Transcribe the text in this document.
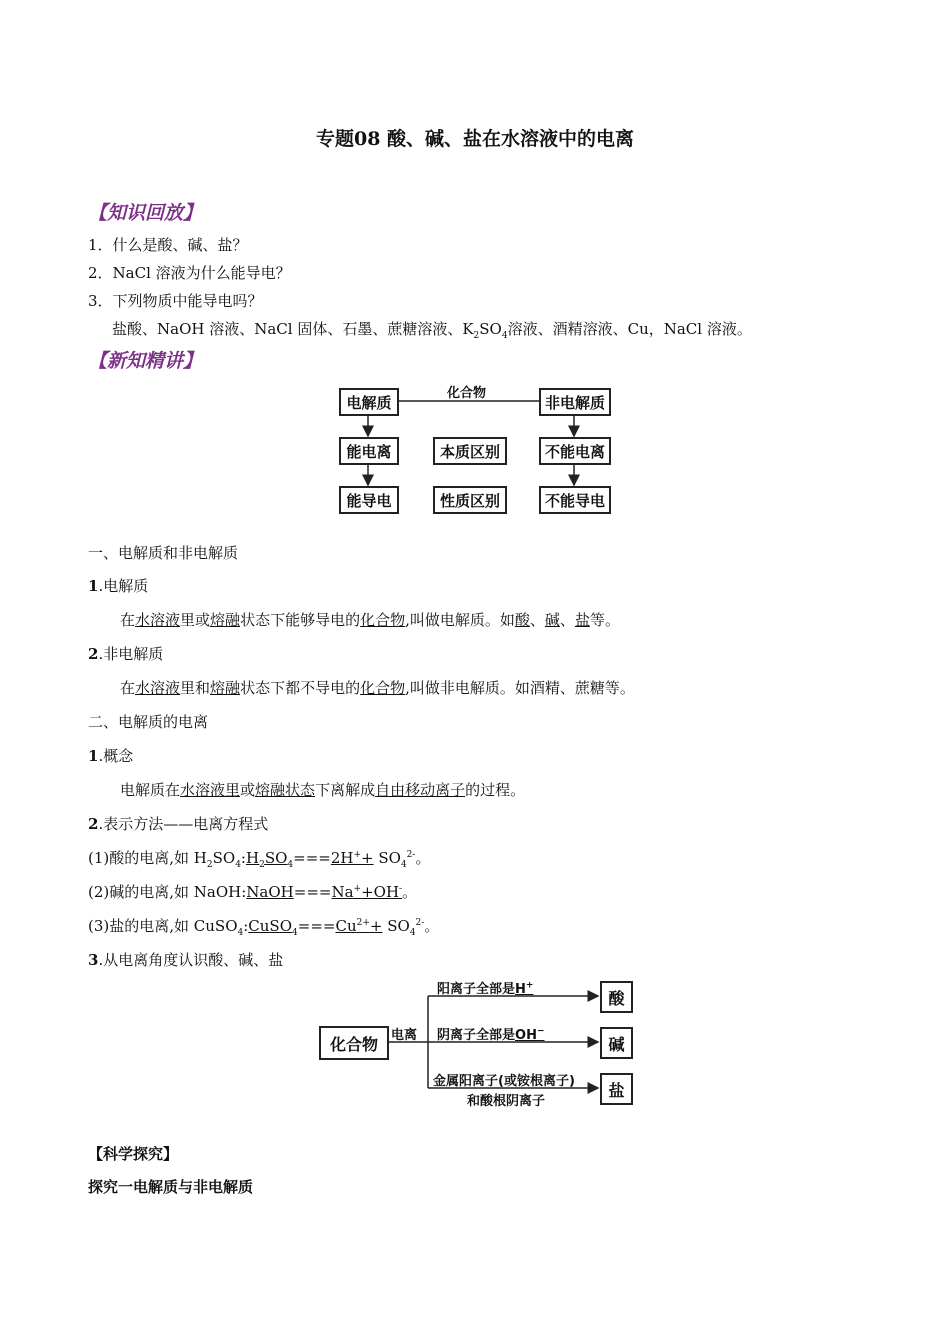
专题08 酸、碱、盐在水溶液中的电离
【知识回放】
1．什么是酸、碱、盐？
2．NaCl 溶液为什么能导电？
3．下列物质中能导电吗？
盐酸、NaOH 溶液、NaCl 固体、石墨、蔗糖溶液、$K_2SO_4$溶液、酒精溶液、Cu，NaCl 溶液。
【新知精讲】
化合物
电解质	非电解质
能电离	本质区别	不能电离
能导电	性质区别	不能导电
一、电解质和非电解质
1.电解质
在水溶液里或熔融状态下能够导电的化合物,叫做电解质。如酸、碱、盐等。
2.非电解质
在水溶液里和熔融状态下都不导电的化合物,叫做非电解质。如酒精、蔗糖等。
二、电解质的电离
1.概念
电解质在水溶液里或熔融状态下离解成自由移动离子的过程。
2.表示方法——电离方程式
(1)酸的电离,如 $H_2SO_4:H_2SO_4===2H^++ SO_4^{2-}$。
(2)碱的电离,如 NaOH:NaOH===Na++OH-。
(3)盐的电离,如 $CuSO_4:CuSO_4===Cu^{2+}+ SO_4^{2-}$。
3.从电离角度认识酸、碱、盐
化合物	电离
阳离子全部是H+
阴离子全部是OH−
金属阳离子(或铵根离子)
和酸根阴离子
酸
碱
盐
【科学探究】
探究一电解质与非电解质
